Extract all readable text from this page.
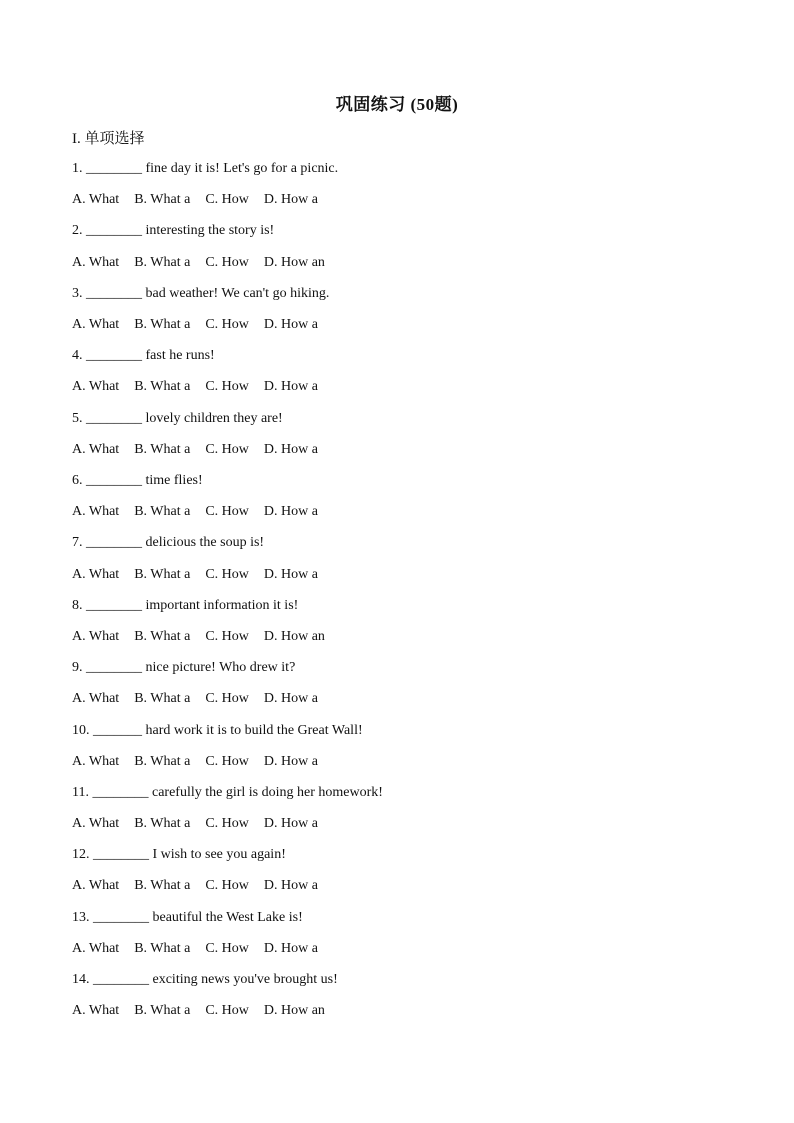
巩固练习 (50题)
I. 单项选择
1. ________ fine day it is! Let's go for a picnic.
A. What B. What a C. How D. How a
2. ________ interesting the story is!
A. What B. What a C. How D. How an
3. ________ bad weather! We can't go hiking.
A. What B. What a C. How D. How a
4. ________ fast he runs!
A. What B. What a C. How D. How a
5. ________ lovely children they are!
A. What B. What a C. How D. How a
6. ________ time flies!
A. What B. What a C. How D. How a
7. ________ delicious the soup is!
A. What B. What a C. How D. How a
8. ________ important information it is!
A. What B. What a C. How D. How an
9. ________ nice picture! Who drew it?
A. What B. What a C. How D. How a
10. _______ hard work it is to build the Great Wall!
A. What B. What a C. How D. How a
11. ________ carefully the girl is doing her homework!
A. What B. What a C. How D. How a
12. ________ I wish to see you again!
A. What B. What a C. How D. How a
13. ________ beautiful the West Lake is!
A. What B. What a C. How D. How a
14. ________ exciting news you've brought us!
A. What B. What a C. How D. How an
